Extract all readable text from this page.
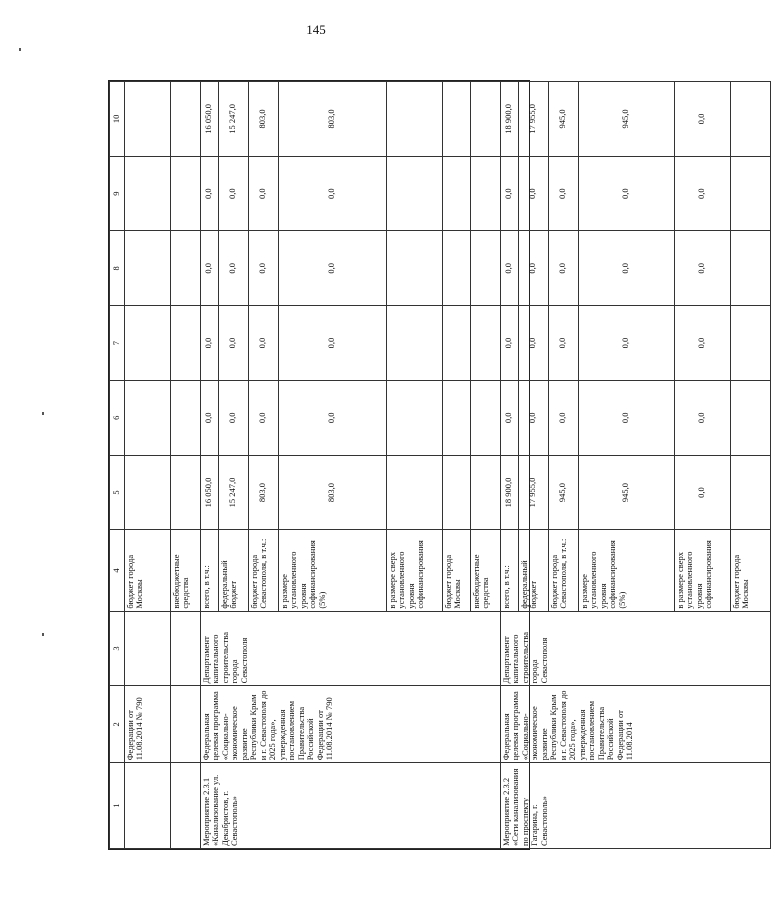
145
1	2	3	4	5	6	7	8	9	10
	Федерации от 11.08.2014 № 790		бюджет города Москвы						
			внебюджетные средства						
Мероприятие 2.3.1 «Канализование ул. Декабристов, г. Севастополь»	Федеральная целевая программа «Социально-экономическое развитие Республики Крым и г. Севастополя до 2025 года», утвержденная постановлением Правительства Российской Федерации от 11.08.2014 № 790	Департамент капитального строительства города Севастополя	всего, в т.ч.:	16 050,0	0,0	0,0	0,0	0,0	16 050,0
			федеральный бюджет	15 247,0	0,0	0,0	0,0	0,0	15 247,0
			бюджет города Севастополя, в т.ч.:	803,0	0,0	0,0	0,0	0,0	803,0
			в размере установленного уровня софинансирования (5%)	803,0	0,0	0,0	0,0	0,0	803,0
			в размере сверх установленного уровня софинансирования						
			бюджет города Москвы						
			внебюджетные средства						
Мероприятие 2.3.2 «Сети канализования по проспекту Гагарина, г. Севастополь»	Федеральная целевая программа «Социально-экономическое развитие Республики Крым и г. Севастополя до 2025 года», утвержденная постановлением Правительства Российской Федерации от 11.08.2014	Департамент капитального строительства города Севастополя	всего, в т.ч.:	18 900,0	0,0	0,0	0,0	0,0	18 900,0
			федеральный бюджет	17 955,0	0,0	0,0	0,0	0,0	17 955,0
			бюджет города Севастополя, в т.ч.:	945,0	0,0	0,0	0,0	0,0	945,0
			в размере установленного уровня софинансирования (5%)	945,0	0,0	0,0	0,0	0,0	945,0
			в размере сверх установленного уровня софинансирования	0,0	0,0	0,0	0,0	0,0	0,0
			бюджет города Москвы						
